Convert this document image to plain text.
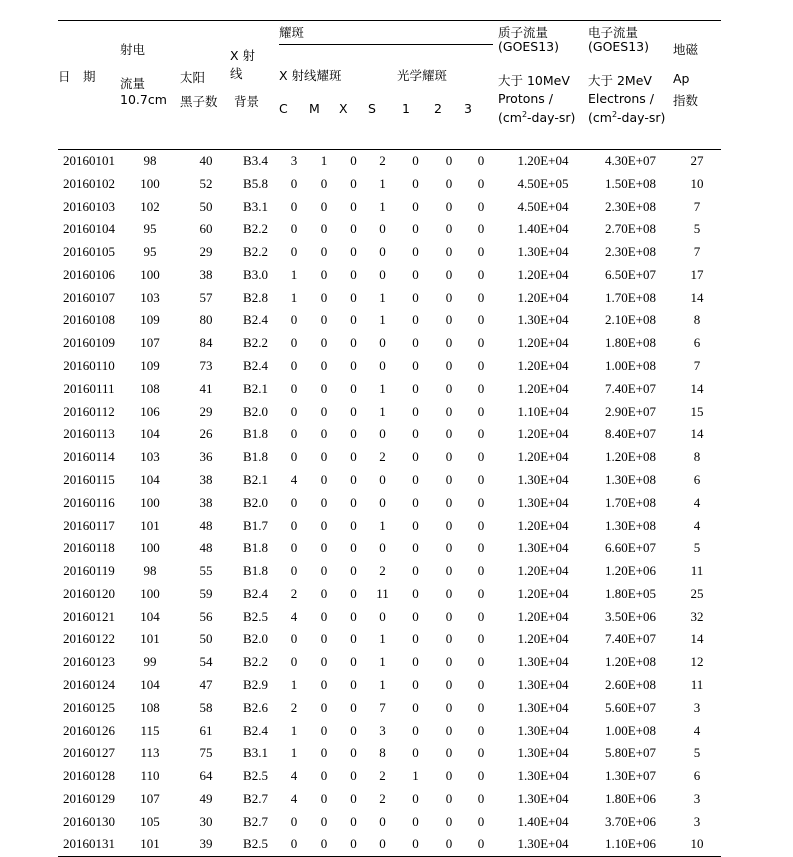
日　期
射电
流量
10.7cm
太阳
黑子数
X 射
线
背景
耀斑
X 射线耀斑	光学耀斑
C	M	X	S	1	2	3
质子流量
(GOES13)
大于 10MeV
Protons /
$(cm^2-day-sr)$
电子流量
(GOES13)
大于 2MeV
Electrons /
$(cm^2-day-sr)$
地磁
Ap
指数
20160101	98	40	B3.4	3	1	0	2	0	0	0	1.20E+04	4.30E+07	27
20160102	100	52	B5.8	0	0	0	1	0	0	0	4.50E+05	1.50E+08	10
20160103	102	50	B3.1	0	0	0	1	0	0	0	4.50E+04	2.30E+08	7
20160104	95	60	B2.2	0	0	0	0	0	0	0	1.40E+04	2.70E+08	5
20160105	95	29	B2.2	0	0	0	0	0	0	0	1.30E+04	2.30E+08	7
20160106	100	38	B3.0	1	0	0	0	0	0	0	1.20E+04	6.50E+07	17
20160107	103	57	B2.8	1	0	0	1	0	0	0	1.20E+04	1.70E+08	14
20160108	109	80	B2.4	0	0	0	1	0	0	0	1.30E+04	2.10E+08	8
20160109	107	84	B2.2	0	0	0	0	0	0	0	1.20E+04	1.80E+08	6
20160110	109	73	B2.4	0	0	0	0	0	0	0	1.20E+04	1.00E+08	7
20160111	108	41	B2.1	0	0	0	1	0	0	0	1.20E+04	7.40E+07	14
20160112	106	29	B2.0	0	0	0	1	0	0	0	1.10E+04	2.90E+07	15
20160113	104	26	B1.8	0	0	0	0	0	0	0	1.20E+04	8.40E+07	14
20160114	103	36	B1.8	0	0	0	2	0	0	0	1.20E+04	1.20E+08	8
20160115	104	38	B2.1	4	0	0	0	0	0	0	1.30E+04	1.30E+08	6
20160116	100	38	B2.0	0	0	0	0	0	0	0	1.30E+04	1.70E+08	4
20160117	101	48	B1.7	0	0	0	1	0	0	0	1.20E+04	1.30E+08	4
20160118	100	48	B1.8	0	0	0	0	0	0	0	1.30E+04	6.60E+07	5
20160119	98	55	B1.8	0	0	0	2	0	0	0	1.20E+04	1.20E+06	11
20160120	100	59	B2.4	2	0	0	11	0	0	0	1.20E+04	1.80E+05	25
20160121	104	56	B2.5	4	0	0	0	0	0	0	1.20E+04	3.50E+06	32
20160122	101	50	B2.0	0	0	0	1	0	0	0	1.20E+04	7.40E+07	14
20160123	99	54	B2.2	0	0	0	1	0	0	0	1.30E+04	1.20E+08	12
20160124	104	47	B2.9	1	0	0	1	0	0	0	1.30E+04	2.60E+08	11
20160125	108	58	B2.6	2	0	0	7	0	0	0	1.30E+04	5.60E+07	3
20160126	115	61	B2.4	1	0	0	3	0	0	0	1.30E+04	1.00E+08	4
20160127	113	75	B3.1	1	0	0	8	0	0	0	1.30E+04	5.80E+07	5
20160128	110	64	B2.5	4	0	0	2	1	0	0	1.30E+04	1.30E+07	6
20160129	107	49	B2.7	4	0	0	2	0	0	0	1.30E+04	1.80E+06	3
20160130	105	30	B2.7	0	0	0	0	0	0	0	1.40E+04	3.70E+06	3
20160131	101	39	B2.5	0	0	0	0	0	0	0	1.30E+04	1.10E+06	10
